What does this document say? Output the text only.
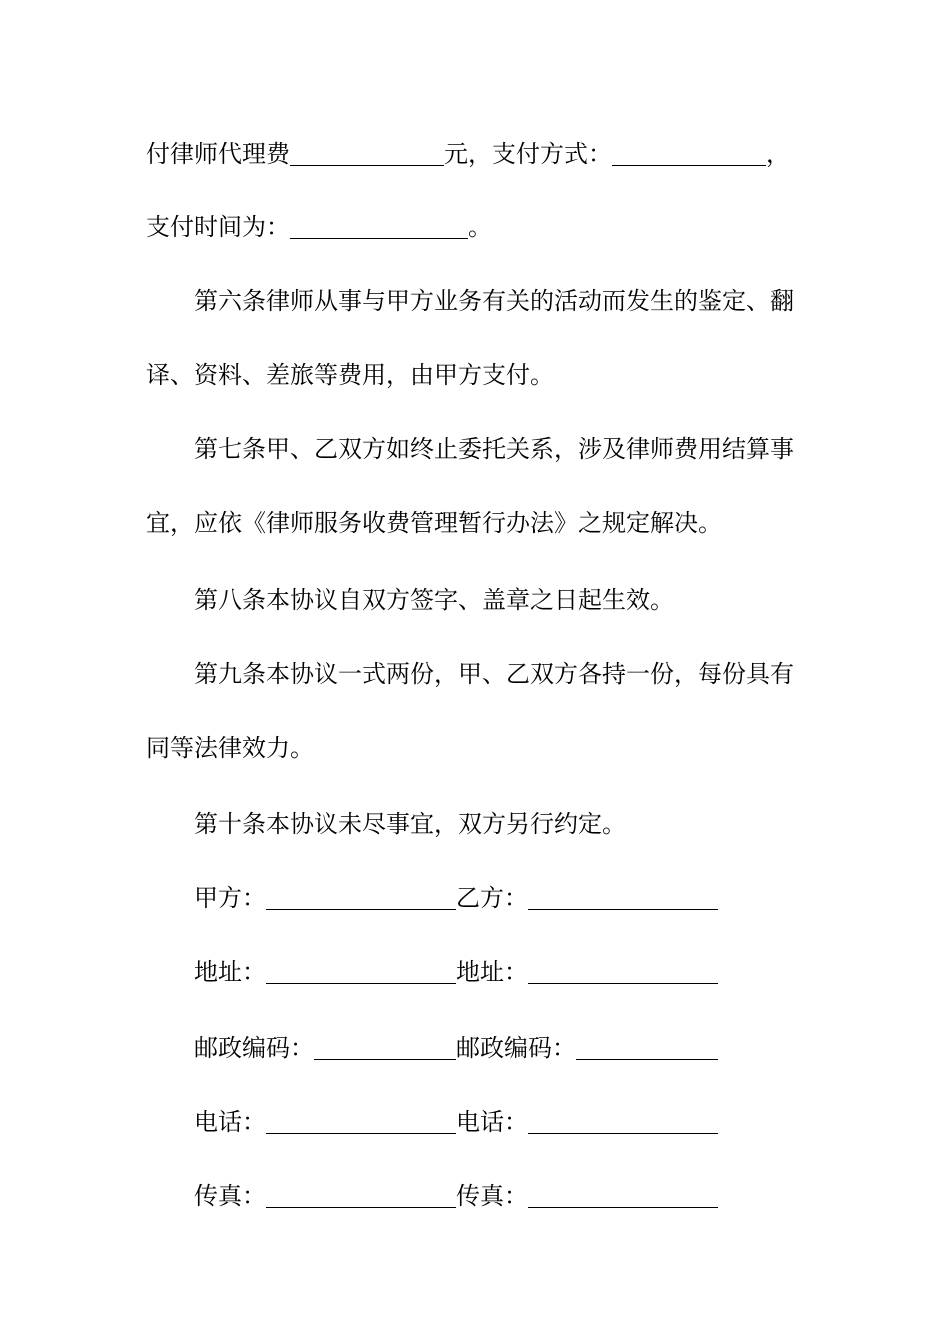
付律师代理费	元，支付方式：	，
支付时间为：	。
第六条律师从事与甲方业务有关的活动而发生的鉴定、翻
译、资料、差旅等费用，由甲方支付。
第七条甲、乙双方如终止委托关系，涉及律师费用结算事
宜，应依《律师服务收费管理暂行办法》之规定解决。
第八条本协议自双方签字、盖章之日起生效。
第九条本协议一式两份，甲、乙双方各持一份，每份具有
同等法律效力。
第十条本协议未尽事宜，双方另行约定。
甲方：	乙方：
地址：	地址：
邮政编码：	邮政编码：
电话：	电话：
传真：	传真：
